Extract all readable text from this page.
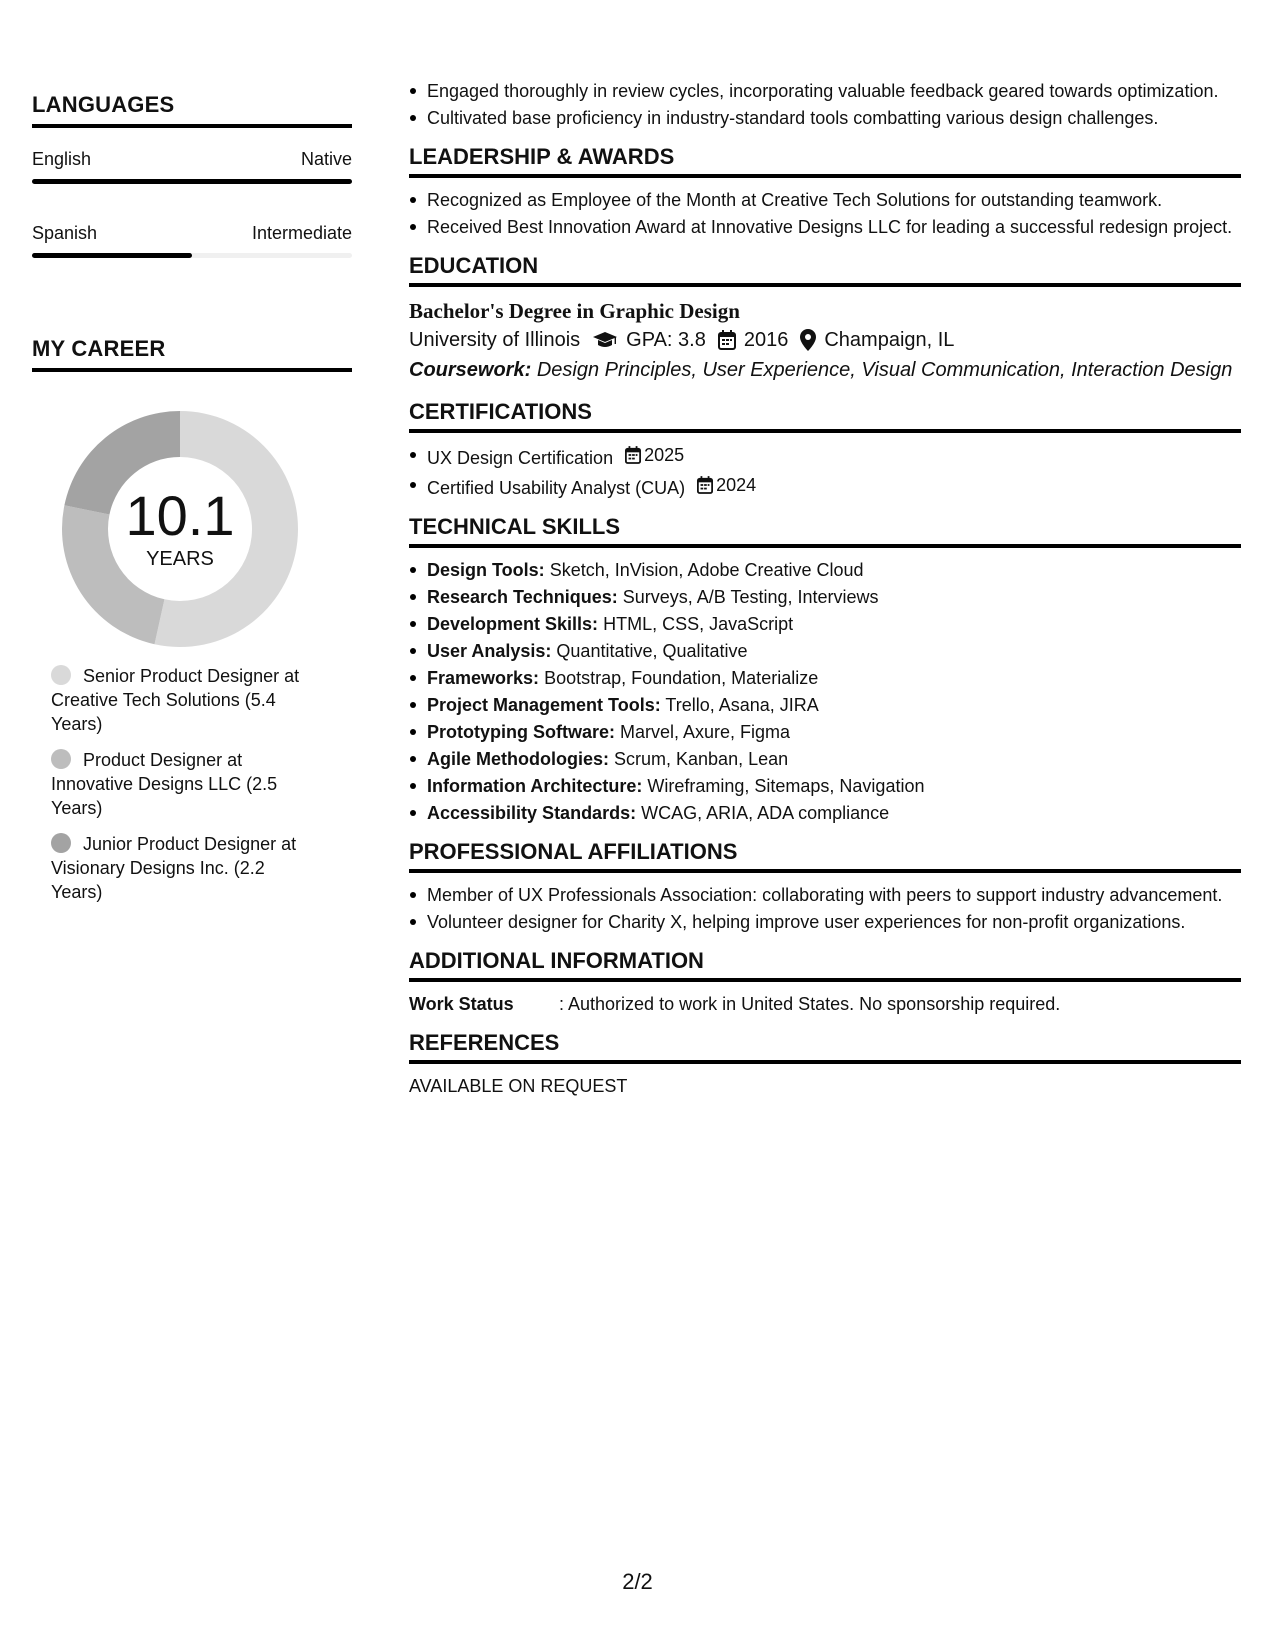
LANGUAGES
English	Native
Spanish	Intermediate
MY CAREER
10.1
YEARS
Senior Product Designer at Creative Tech Solutions (5.4 Years)
Product Designer at Innovative Designs LLC (2.5 Years)
Junior Product Designer at Visionary Designs Inc. (2.2 Years)
Engaged thoroughly in review cycles, incorporating valuable feedback geared towards optimization.
Cultivated base proficiency in industry-standard tools combatting various design challenges.
LEADERSHIP & AWARDS
Recognized as Employee of the Month at Creative Tech Solutions for outstanding teamwork.
Received Best Innovation Award at Innovative Designs LLC for leading a successful redesign project.
EDUCATION
Bachelor's Degree in Graphic Design
University of Illinois GPA: 3.8 2016 Champaign, IL
Coursework: Design Principles, User Experience, Visual Communication, Interaction Design
CERTIFICATIONS
UX Design Certification 2025
Certified Usability Analyst (CUA) 2024
TECHNICAL SKILLS
Design Tools: Sketch, InVision, Adobe Creative Cloud
Research Techniques: Surveys, A/B Testing, Interviews
Development Skills: HTML, CSS, JavaScript
User Analysis: Quantitative, Qualitative
Frameworks: Bootstrap, Foundation, Materialize
Project Management Tools: Trello, Asana, JIRA
Prototyping Software: Marvel, Axure, Figma
Agile Methodologies: Scrum, Kanban, Lean
Information Architecture: Wireframing, Sitemaps, Navigation
Accessibility Standards: WCAG, ARIA, ADA compliance
PROFESSIONAL AFFILIATIONS
Member of UX Professionals Association: collaborating with peers to support industry advancement.
Volunteer designer for Charity X, helping improve user experiences for non-profit organizations.
ADDITIONAL INFORMATION
Work Status	: Authorized to work in United States. No sponsorship required.
REFERENCES
AVAILABLE ON REQUEST
2/2
